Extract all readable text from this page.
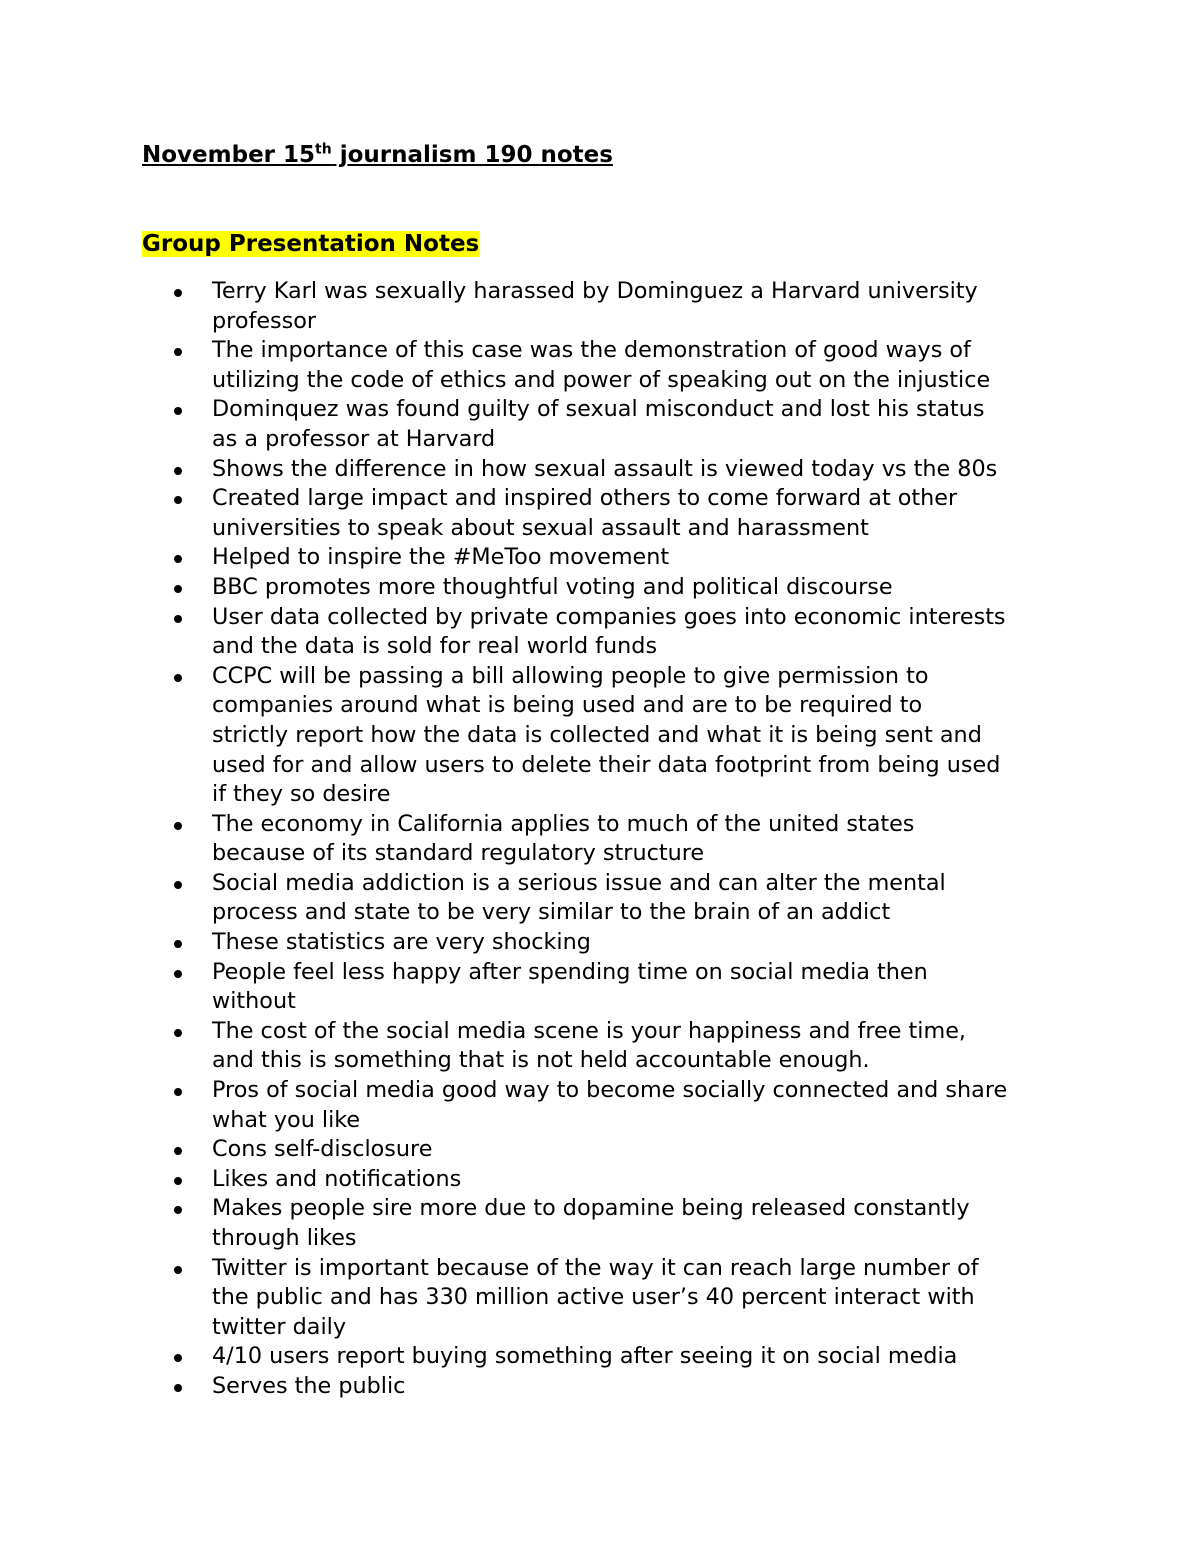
November 15th journalism 190 notes
Group Presentation Notes
Terry Karl was sexually harassed by Dominguez a Harvard university
professor
The importance of this case was the demonstration of good ways of
utilizing the code of ethics and power of speaking out on the injustice
Dominquez was found guilty of sexual misconduct and lost his status
as a professor at Harvard
Shows the difference in how sexual assault is viewed today vs the 80s
Created large impact and inspired others to come forward at other
universities to speak about sexual assault and harassment
Helped to inspire the #MeToo movement
BBC promotes more thoughtful voting and political discourse
User data collected by private companies goes into economic interests
and the data is sold for real world funds
CCPC will be passing a bill allowing people to give permission to
companies around what is being used and are to be required to
strictly report how the data is collected and what it is being sent and
used for and allow users to delete their data footprint from being used
if they so desire
The economy in California applies to much of the united states
because of its standard regulatory structure
Social media addiction is a serious issue and can alter the mental
process and state to be very similar to the brain of an addict
These statistics are very shocking
People feel less happy after spending time on social media then
without
The cost of the social media scene is your happiness and free time,
and this is something that is not held accountable enough.
Pros of social media good way to become socially connected and share
what you like
Cons self-disclosure
Likes and notifications
Makes people sire more due to dopamine being released constantly
through likes
Twitter is important because of the way it can reach large number of
the public and has 330 million active user’s 40 percent interact with
twitter daily
4/10 users report buying something after seeing it on social media
Serves the public
